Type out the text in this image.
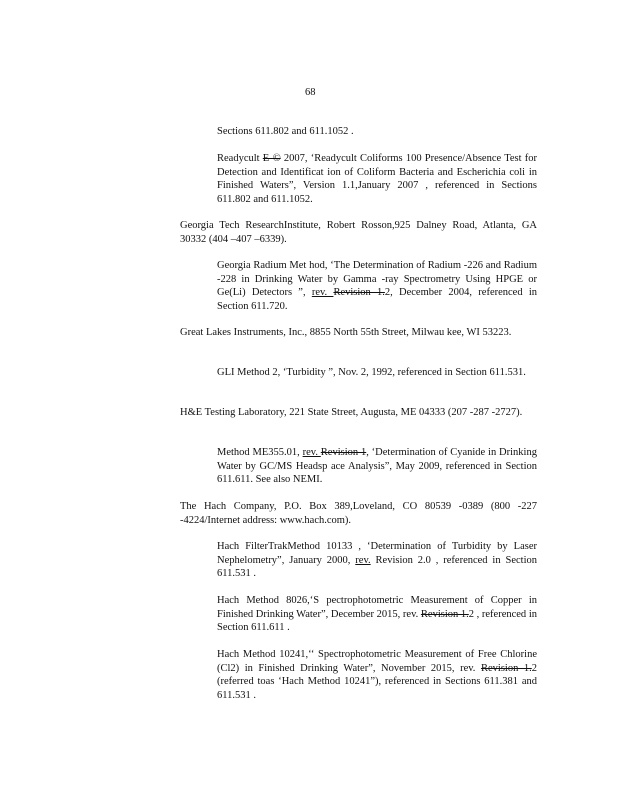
68

Sections 611.802 and 611.1052 .

Readycult E-© 2007, ‘Readycult Coliforms 100 Presence/Absence Test for Detection and Identificat ion of Coliform Bacteria and Escherichia coli in Finished Waters”, Version 1.1,January 2007 , referenced in Sections 611.802 and 611.1052.

Georgia Tech ResearchInstitute, Robert Rosson,925 Dalney Road, Atlanta, GA 30332 (404 –407 –6339).

Georgia Radium Met hod, ‘The Determination of Radium -226 and Radium -228 in Drinking Water by Gamma -ray Spectrometry Using HPGE or Ge(Li) Detectors ”, rev. Revision 1.2, December 2004, referenced in Section 611.720.

Great Lakes Instruments, Inc., 8855 North 55th Street, Milwau kee, WI 53223.

GLI Method 2, ‘Turbidity ”, Nov. 2, 1992, referenced in Section 611.531.

H&E Testing Laboratory, 221 State Street, Augusta, ME 04333 (207 -287 -2727).

Method ME355.01, rev. Revision 1, ‘Determination of Cyanide in Drinking Water by GC/MS Headsp ace Analysis”, May 2009, referenced in Section 611.611. See also NEMI.

The Hach Company, P.O. Box 389,Loveland, CO 80539 -0389 (800 -227 -4224/Internet address: www.hach.com).

Hach FilterTrakMethod 10133 , ‘Determination of Turbidity by Laser Nephelometry”, January 2000, rev. Revision 2.0 , referenced in Section 611.531 .

Hach Method 8026,‘S pectrophotometric Measurement of Copper in Finished Drinking Water”, December 2015, rev. Revision 1.2 , referenced in Section 611.611 .

Hach Method 10241,‘‘ Spectrophotometric Measurement of Free Chlorine (Cl2) in Finished Drinking Water”, November 2015, rev. Revision 1.2 (referred toas ‘Hach Method 10241”), referenced in Sections 611.381 and 611.531 .
